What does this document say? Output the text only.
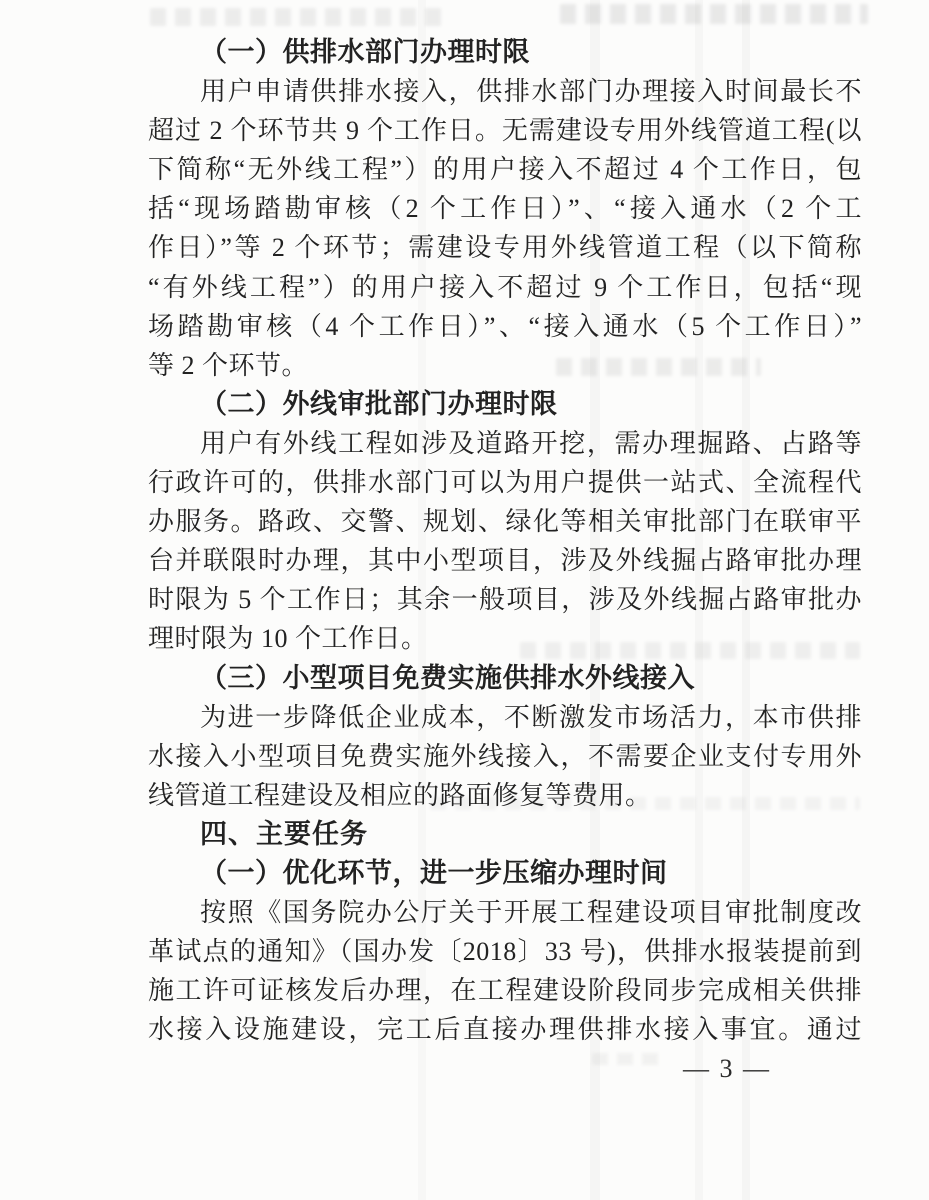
（一）供排水部门办理时限
用户申请供排水接入，供排水部门办理接入时间最长不
超过 2 个环节共 9 个工作日。无需建设专用外线管道工程(以
下简称“无外线工程”）的用户接入不超过 4 个工作日，包
括“现场踏勘审核（2 个工作日）”、“接入通水（2 个工
作日）”等 2 个环节；需建设专用外线管道工程（以下简称
“有外线工程”）的用户接入不超过 9 个工作日，包括“现
场踏勘审核（4 个工作日）”、“接入通水（5 个工作日）”
等 2 个环节。
（二）外线审批部门办理时限
用户有外线工程如涉及道路开挖，需办理掘路、占路等
行政许可的，供排水部门可以为用户提供一站式、全流程代
办服务。路政、交警、规划、绿化等相关审批部门在联审平
台并联限时办理，其中小型项目，涉及外线掘占路审批办理
时限为 5 个工作日；其余一般项目，涉及外线掘占路审批办
理时限为 10 个工作日。
（三）小型项目免费实施供排水外线接入
为进一步降低企业成本，不断激发市场活力，本市供排
水接入小型项目免费实施外线接入，不需要企业支付专用外
线管道工程建设及相应的路面修复等费用。
四、主要任务
（一）优化环节，进一步压缩办理时间
按照《国务院办公厅关于开展工程建设项目审批制度改
革试点的通知》（国办发〔2018〕33 号)，供排水报装提前到
施工许可证核发后办理，在工程建设阶段同步完成相关供排
水接入设施建设，完工后直接办理供排水接入事宜。通过
— 3 —
